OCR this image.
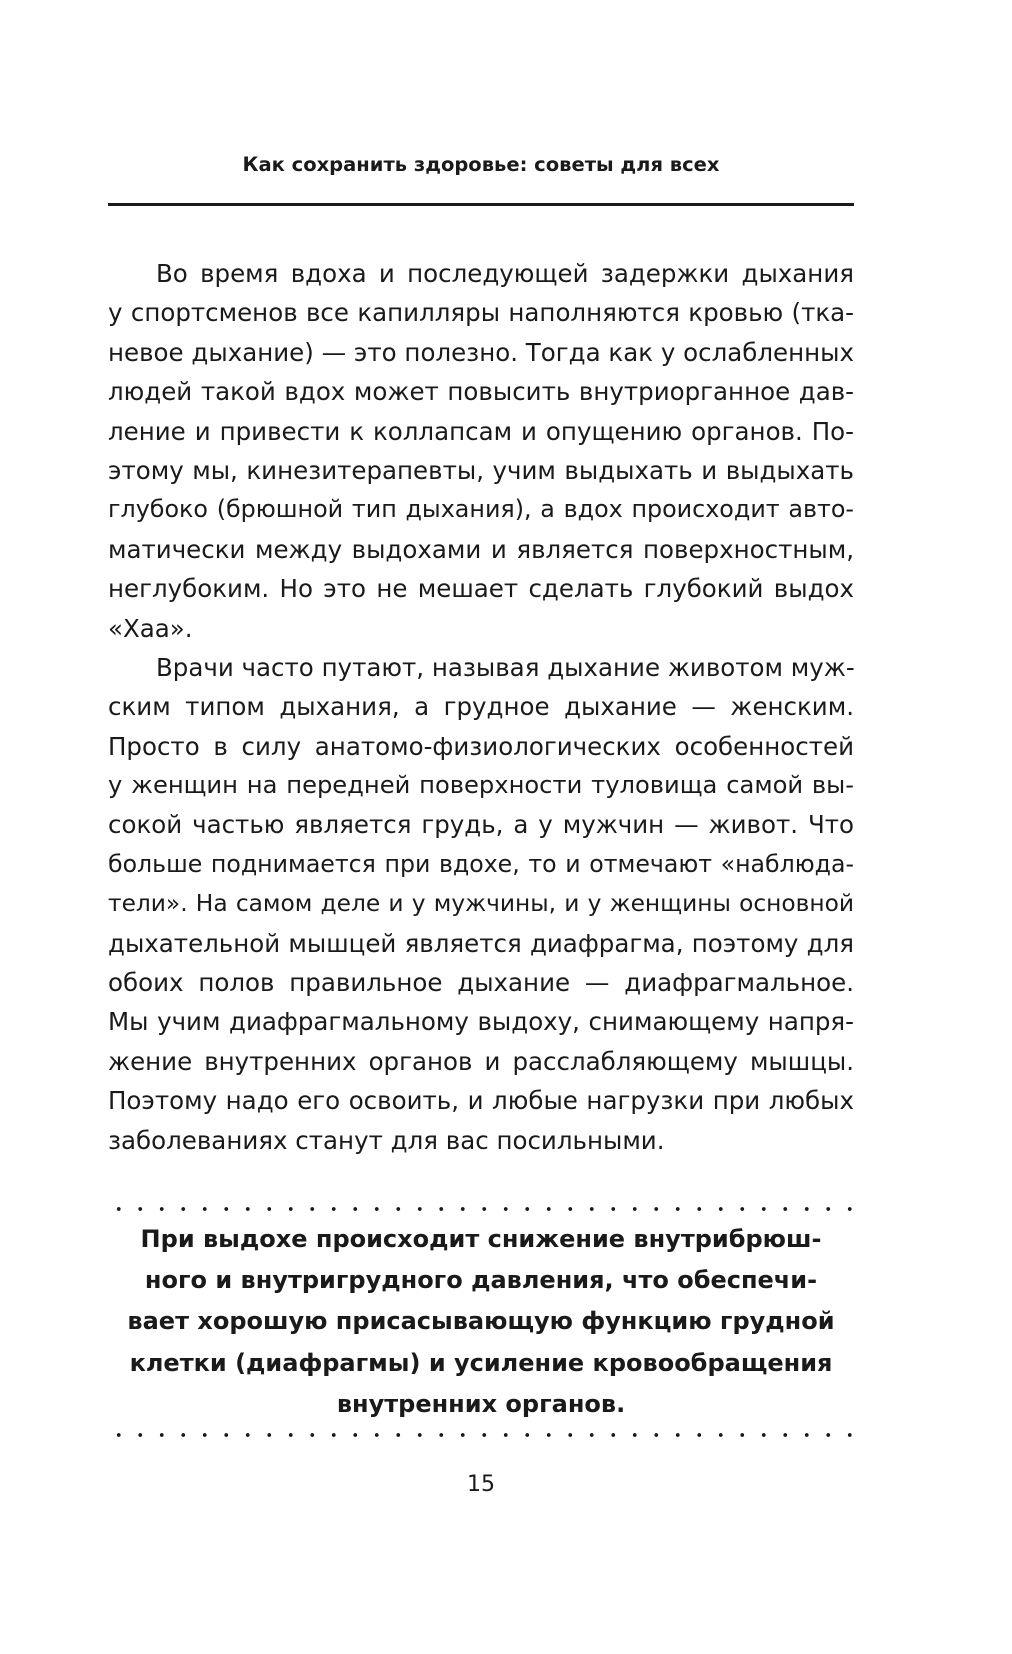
Как сохранить здоровье: советы для всех
Во время вдоха и последующей задержки дыхания
у спортсменов все капилляры наполняются кровью (тка-
невое дыхание) — это полезно. Тогда как у ослабленных
людей такой вдох может повысить внутриорганное дав-
ление и привести к коллапсам и опущению органов. По-
этому мы, кинезитерапевты, учим выдыхать и выдыхать
глубоко (брюшной тип дыхания), а вдох происходит авто-
матически между выдохами и является поверхностным,
неглубоким. Но это не мешает сделать глубокий выдох
«Хаа».
Врачи часто путают, называя дыхание животом муж-
ским типом дыхания, а грудное дыхание — женским.
Просто в силу анатомо-физиологических особенностей
у женщин на передней поверхности туловища самой вы-
сокой частью является грудь, а у мужчин — живот. Что
больше поднимается при вдохе, то и отмечают «наблюда-
тели». На самом деле и у мужчины, и у женщины основной
дыхательной мышцей является диафрагма, поэтому для
обоих полов правильное дыхание — диафрагмальное.
Мы учим диафрагмальному выдоху, снимающему напря-
жение внутренних органов и расслабляющему мышцы.
Поэтому надо его освоить, и любые нагрузки при любых
заболеваниях станут для вас посильными.
При выдохе происходит снижение внутрибрюш-
ного и внутригрудного давления, что обеспечи-
вает хорошую присасывающую функцию грудной
клетки (диафрагмы) и усиление кровообращения
внутренних органов.
15
